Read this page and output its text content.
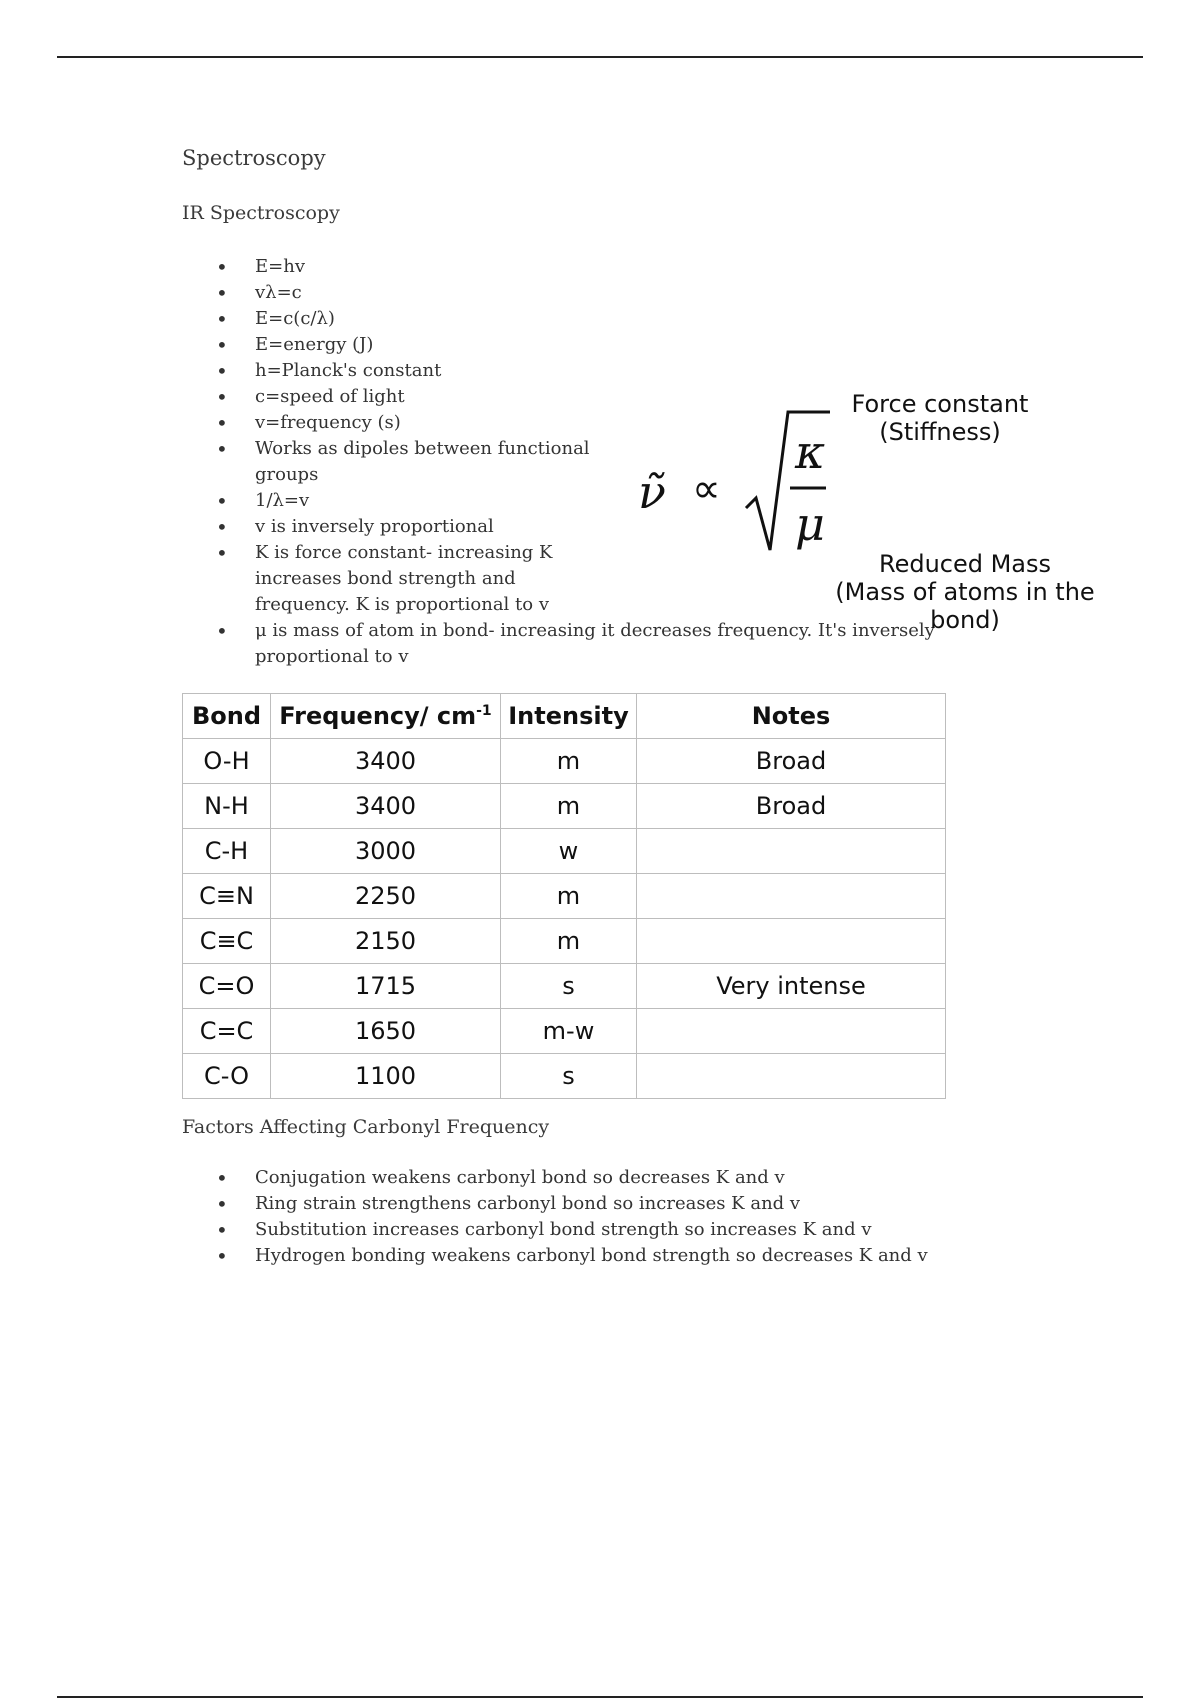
Spectroscopy
IR Spectroscopy
• E=hv
• vλ=c
• E=c(c/λ)
• E=energy (J)
• h=Planck's constant
• c=speed of light
• v=frequency (s)
• Works as dipoles between functional groups
• 1/λ=v
• v is inversely proportional
• K is force constant- increasing K increases bond strength and frequency. K is proportional to v
• μ is mass of atom in bond- increasing it decreases frequency. It's inversely proportional to v
Force constant
(Stiffness)
ν̃ ∝
κ
μ
Reduced Mass
(Mass of atoms in the bond)
Bond	Frequency/ $cm^{-1}$	Intensity	Notes
O-H	3400	m	Broad
N-H	3400	m	Broad
C-H	3000	w	
C≡N	2250	m	
C≡C	2150	m	
C=O	1715	s	Very intense
C=C	1650	m-w	
C-O	1100	s	
Factors Affecting Carbonyl Frequency
• Conjugation weakens carbonyl bond so decreases K and v
• Ring strain strengthens carbonyl bond so increases K and v
• Substitution increases carbonyl bond strength so increases K and v
• Hydrogen bonding weakens carbonyl bond strength so decreases K and v
